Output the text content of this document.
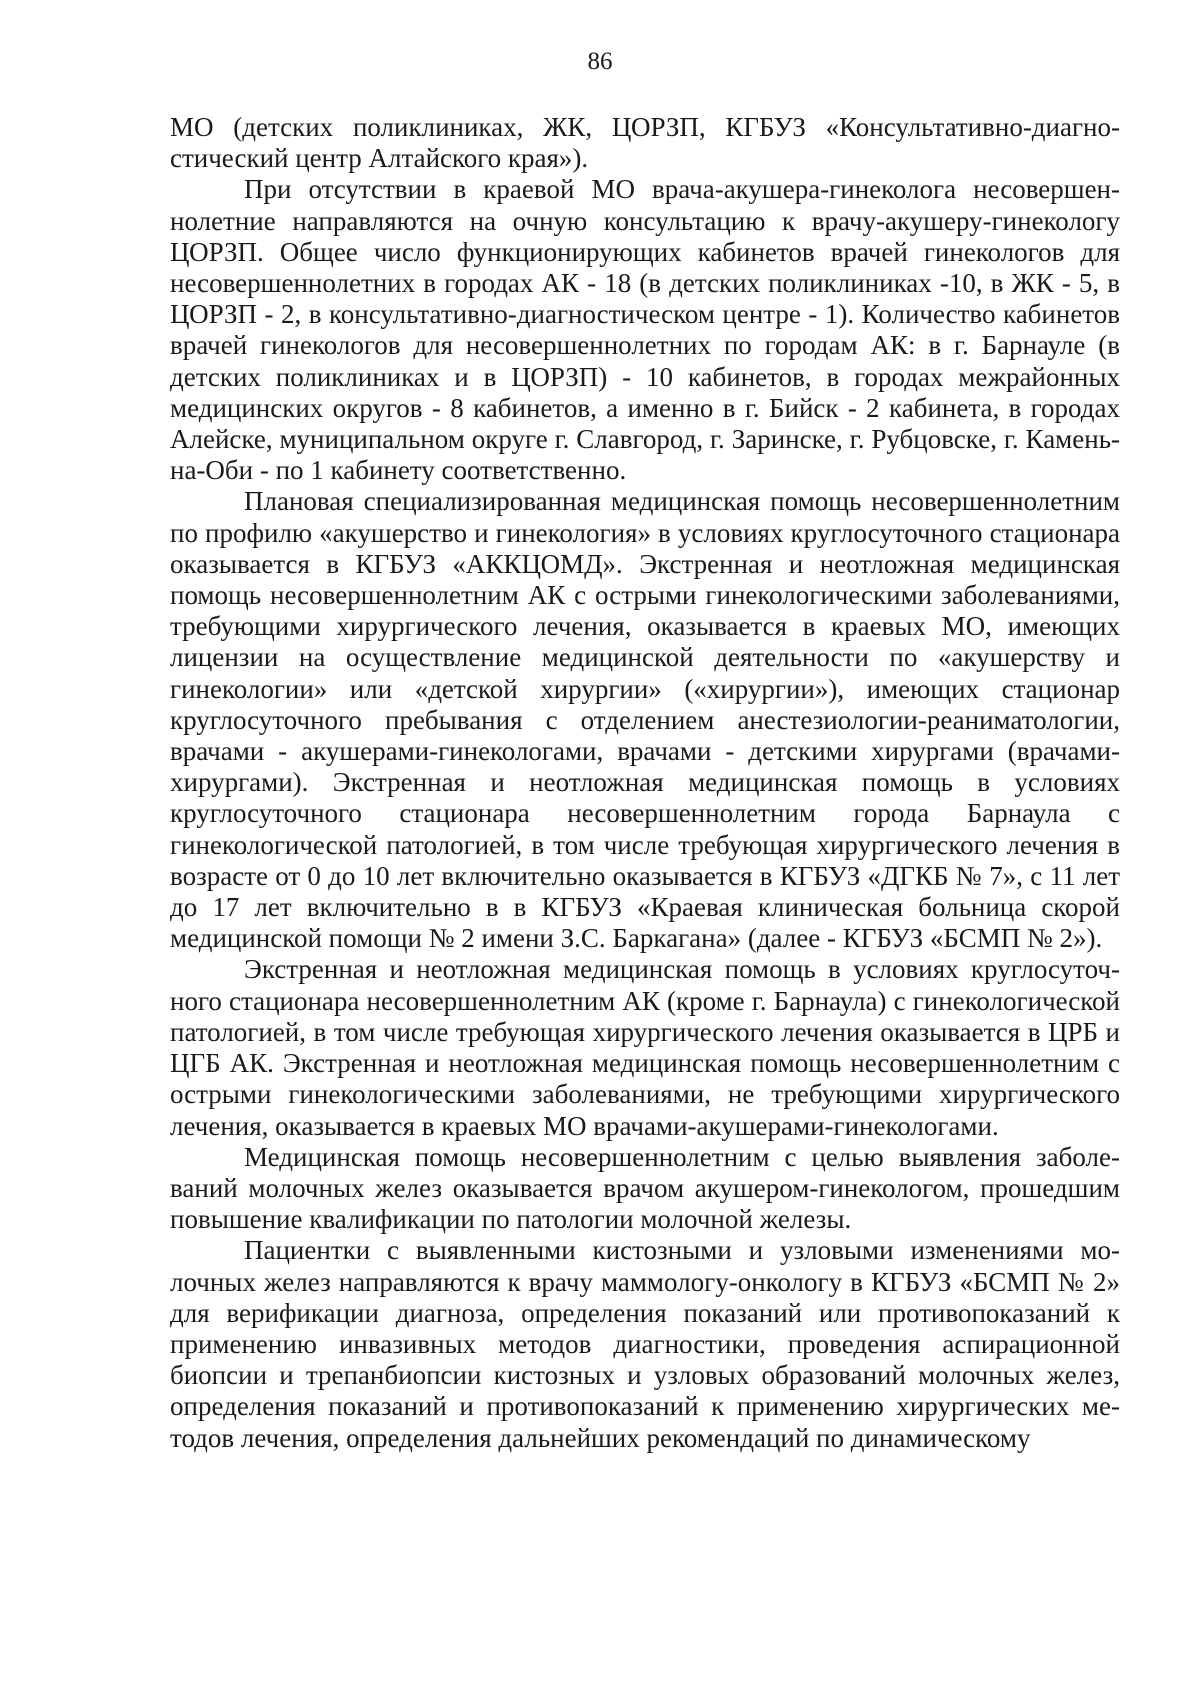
86

МО (детских поликлиниках, ЖК, ЦОРЗП, КГБУЗ «Консультативно-диагностический центр Алтайского края»).

При отсутствии в краевой МО врача-акушера-гинеколога несовершеннолетние направляются на очную консультацию к врачу-акушеру-гинекологу ЦОРЗП. Общее число функционирующих кабинетов врачей гинекологов для несовершеннолетних в городах АК - 18 (в детских поликлиниках -10, в ЖК - 5, в ЦОРЗП - 2, в консультативно-диагностическом центре - 1). Количество кабинетов врачей гинекологов для несовершеннолетних по городам АК: в г. Барнауле (в детских поликлиниках и в ЦОРЗП) - 10 кабинетов, в городах межрайонных медицинских округов - 8 кабинетов, а именно в г. Бийск - 2 кабинета, в городах Алейске, муниципальном округе г. Славгород, г. Заринске, г. Рубцовске, г. Камень-на-Оби - по 1 кабинету соответственно.

Плановая специализированная медицинская помощь несовершеннолетним по профилю «акушерство и гинекология» в условиях круглосуточного стационара оказывается в КГБУЗ «АККЦОМД». Экстренная и неотложная медицинская помощь несовершеннолетним АК с острыми гинекологическими заболеваниями, требующими хирургического лечения, оказывается в краевых МО, имеющих лицензии на осуществление медицинской деятельности по «акушерству и гинекологии» или «детской хирургии» («хирургии»), имеющих стационар круглосуточного пребывания с отделением анестезиологии-реаниматологии, врачами - акушерами-гинекологами, врачами - детскими хирургами (врачами-хирургами). Экстренная и неотложная медицинская помощь в условиях круглосуточного стационара несовершеннолетним города Барнаула с гинекологической патологией, в том числе требующая хирургического лечения в возрасте от 0 до 10 лет включительно оказывается в КГБУЗ «ДГКБ № 7», с 11 лет до 17 лет включительно в в КГБУЗ «Краевая клиническая больница скорой медицинской помощи № 2 имени З.С. Баркагана» (далее - КГБУЗ «БСМП № 2»).

Экстренная и неотложная медицинская помощь в условиях круглосуточного стационара несовершеннолетним АК (кроме г. Барнаула) с гинекологической патологией, в том числе требующая хирургического лечения оказывается в ЦРБ и ЦГБ АК. Экстренная и неотложная медицинская помощь несовершеннолетним с острыми гинекологическими заболеваниями, не требующими хирургического лечения, оказывается в краевых МО врачами-акушерами-гинекологами.

Медицинская помощь несовершеннолетним с целью выявления заболеваний молочных желез оказывается врачом акушером-гинекологом, прошедшим повышение квалификации по патологии молочной железы.

Пациентки с выявленными кистозными и узловыми изменениями молочных желез направляются к врачу маммологу-онкологу в КГБУЗ «БСМП № 2» для верификации диагноза, определения показаний или противопоказаний к применению инвазивных методов диагностики, проведения аспирационной биопсии и трепанбиопсии кистозных и узловых образований молочных желез, определения показаний и противопоказаний к применению хирургических методов лечения, определения дальнейших рекомендаций по динамическому
